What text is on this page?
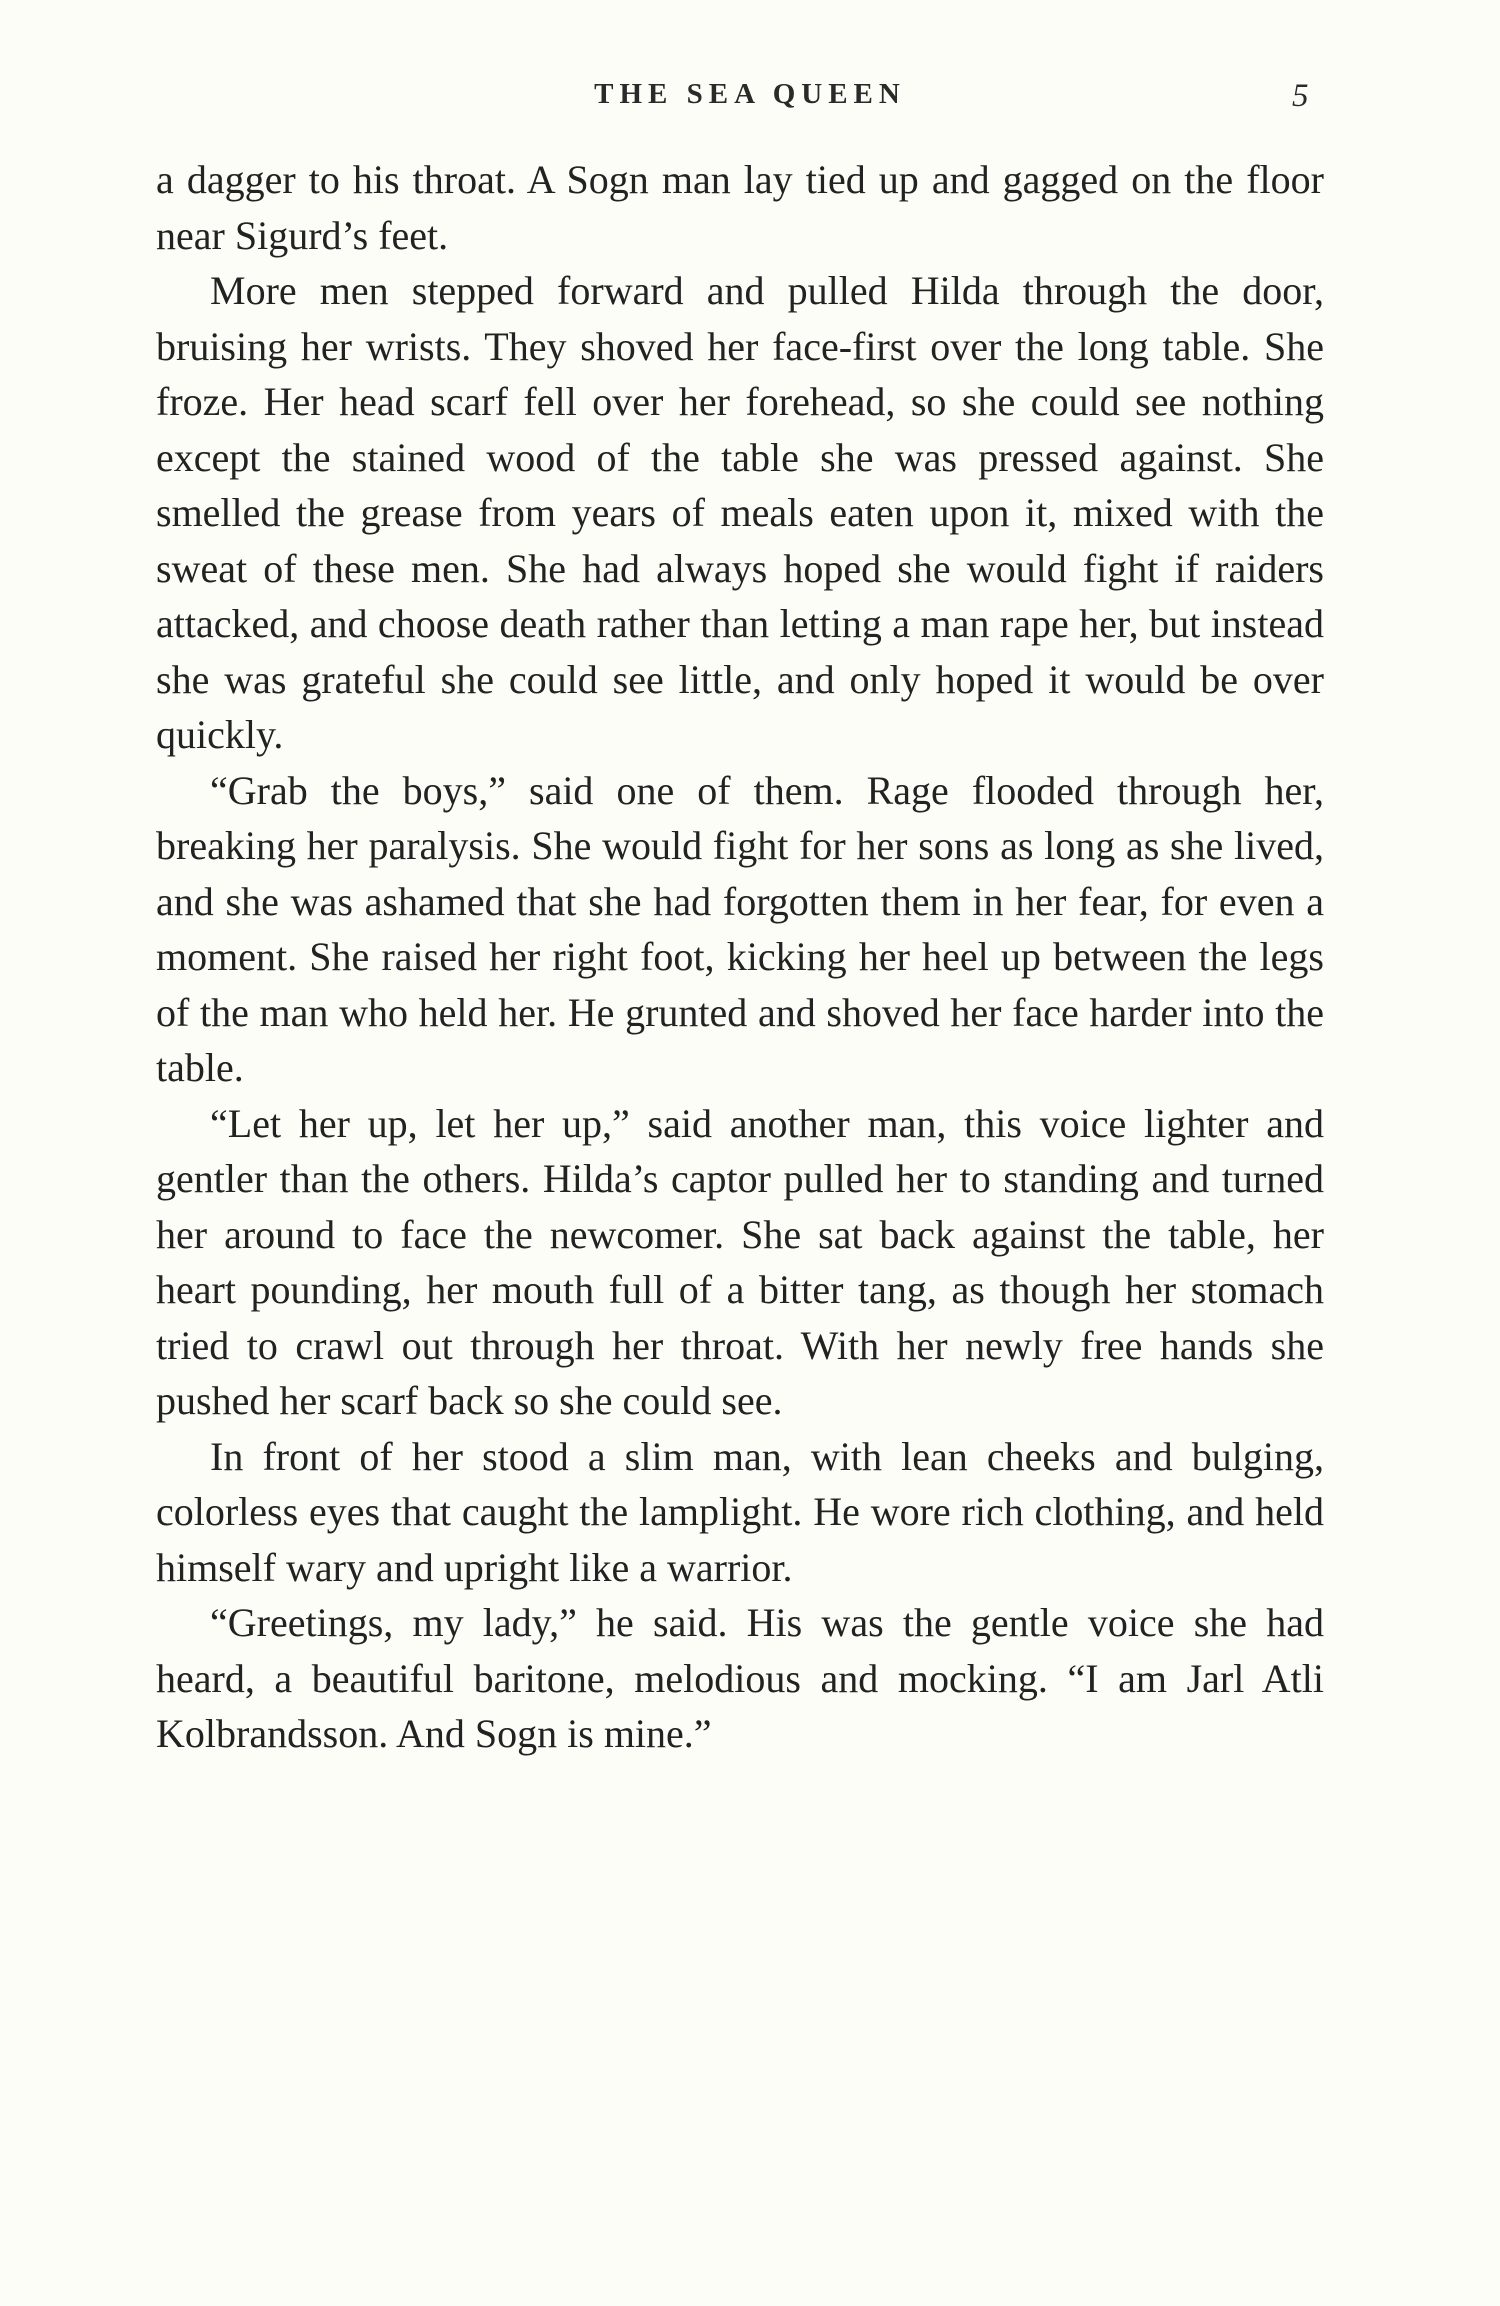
THE SEA QUEEN	5

a dagger to his throat. A Sogn man lay tied up and gagged on the floor near Sigurd’s feet.

More men stepped forward and pulled Hilda through the door, bruising her wrists. They shoved her face-first over the long table. She froze. Her head scarf fell over her forehead, so she could see nothing except the stained wood of the table she was pressed against. She smelled the grease from years of meals eaten upon it, mixed with the sweat of these men. She had always hoped she would fight if raiders attacked, and choose death rather than letting a man rape her, but instead she was grateful she could see little, and only hoped it would be over quickly.

“Grab the boys,” said one of them. Rage flooded through her, breaking her paralysis. She would fight for her sons as long as she lived, and she was ashamed that she had forgotten them in her fear, for even a moment. She raised her right foot, kicking her heel up between the legs of the man who held her. He grunted and shoved her face harder into the table.

“Let her up, let her up,” said another man, this voice lighter and gentler than the others. Hilda’s captor pulled her to standing and turned her around to face the newcomer. She sat back against the table, her heart pounding, her mouth full of a bitter tang, as though her stomach tried to crawl out through her throat. With her newly free hands she pushed her scarf back so she could see.

In front of her stood a slim man, with lean cheeks and bulging, colorless eyes that caught the lamplight. He wore rich clothing, and held himself wary and upright like a warrior.

“Greetings, my lady,” he said. His was the gentle voice she had heard, a beautiful baritone, melodious and mocking. “I am Jarl Atli Kolbrandsson. And Sogn is mine.”
